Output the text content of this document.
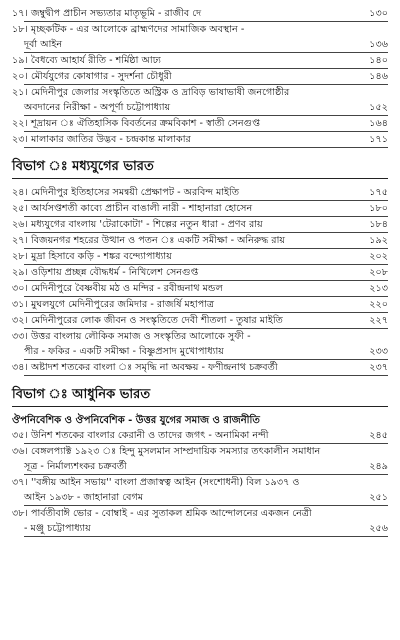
১৭। জম্বুদ্বীপ প্রাচীন সভ্যতার মাতৃভূমি - রাজীব দে	১৩০
১৮। মৃচ্ছকটিক - এর আলোকে ব্রাহ্মণদের সামাজিক অবস্থান -
দূর্বা আইন	১৩৬
১৯। বৈধব্যে আহার্য রীতি - শর্মিষ্ঠা আঢ্য	১৪০
২০। মৌর্যযুগের কোষাগার - সুদর্শনা চৌধুরী	১৪৬
২১। মেদিনীপুর জেলার সংস্কৃতিতে অস্ট্রিক ও দ্রাবিড় ভাষাভাষী জনগোষ্ঠীর
অবদানের নিরীক্ষা - অপূর্ণা চট্টোপাধ্যায়	১৫২
২২। শূদ্রায়ন ঃ ঐতিহাসিক বিবর্তনের ক্রমবিকাশ - স্বাতী সেনগুপ্ত	১৬৪
২৩। মালাকার জাতির উদ্ভব - চন্দ্রকান্ত মালাকার	১৭১
বিভাগ ঃ মধ্যযুগের ভারত
২৪। মেদিনীপুর ইতিহাসের সমন্বয়ী প্রেক্ষাপট - অরবিন্দ মাইতি	১৭৫
২৫। আর্যসপ্তশতী কাব্যে প্রাচীন বাঙালী নারী - শাহানারা হোসেন	১৮০
২৬। মধ্যযুগের বাংলায় 'টেরাকোটা' - শিল্পের নতুন ধারা - প্রণব রায়	১৮৪
২৭। বিজয়নগর শহরের উত্থান ও পতন ঃ একটি সমীক্ষা - অনিরুদ্ধ রায়	১৯২
২৮। মুদ্রা হিসাবে কড়ি - শঙ্কর বন্দ্যোপাধ্যায়	২০২
২৯। ওড়িশায় প্রচ্ছন্ন বৌদ্ধধর্ম - নিখিলেশ সেনগুপ্ত	২০৮
৩০। মেদিনীপুরে বৈষ্ণবীয় মঠ ও মন্দির - রবীন্দ্রনাথ মন্ডল	২১৩
৩১। মুঘলযুগে মেদিনীপুরের জমিদার - রাজর্ষি মহাপাত্র	২২০
৩২। মেদিনীপুরের লোক জীবন ও সংস্কৃতিতে দেবী শীতলা - তুষার মাইতি	২২৭
৩৩। উত্তর বাংলায় লৌকিক সমাজ ও সংস্কৃতির আলোকে সুফী -
পীর - ফকির - একটি সমীক্ষা - বিষ্ণুপ্রসাদ মুখোপাধ্যায়	২৩৩
৩৪। অষ্টাদশ শতকের বাংলা ঃ সমৃদ্ধি না অবক্ষয় - ফণীন্দ্রনাথ চক্রবর্তী	২৩৭
বিভাগ ঃ আধুনিক ভারত
ঔপনিবেশিক ও ঔপনিবেশিক - উত্তর যুগের সমাজ ও রাজনীতি
৩৫। উনিশ শতকের বাংলার কেরানী ও তাদের জগৎ - অনামিকা নন্দী	২৪৫
৩৬। বেঙ্গলপ্যাক্ট ১৯২৩ ঃ হিন্দু মুসলমান সাম্প্রদায়িক সমস্যার তৎকালীন সমাধান
সূত্র - নির্মাল্যশংকর চক্রবর্তী	২৪৯
৩৭। ''বঙ্গীয় আইন সভায়'' বাংলা প্রজাস্বত্ব আইন (সংশোধনী) বিল ১৯৩৭ ও
আইন ১৯৩৮ - জাহানারা বেগম	২৫১
৩৮। পার্বতীবাঈ ভোর - বোম্বাই - এর সুতাকল শ্রমিক আন্দোলনের একজন নেত্রী
- মঞ্জু চট্টোপাধ্যায়	২৫৬
